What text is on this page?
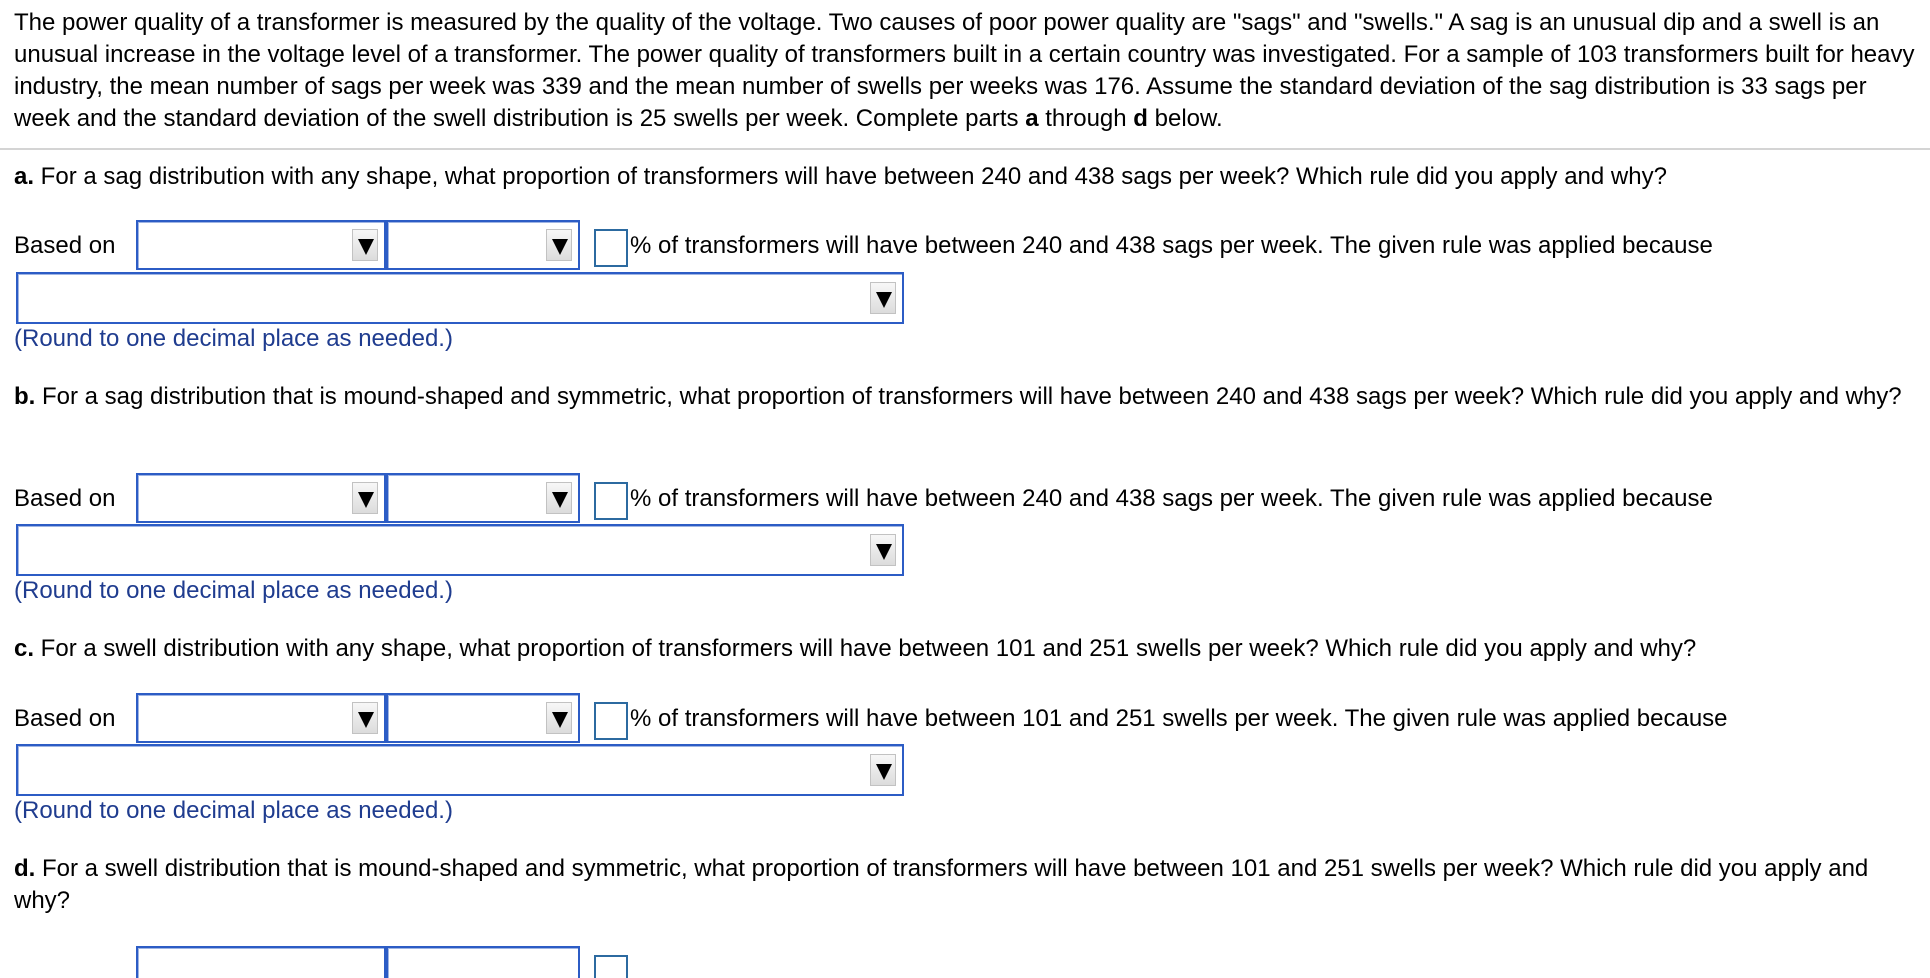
The power quality of a transformer is measured by the quality of the voltage. Two causes of poor power quality are "sags" and "swells." A sag is an unusual dip and a swell is an unusual increase in the voltage level of a transformer. The power quality of transformers built in a certain country was investigated. For a sample of 103 transformers built for heavy industry, the mean number of sags per week was 339 and the mean number of swells per weeks was 176. Assume the standard deviation of the sag distribution is 33 sags per week and the standard deviation of the swell distribution is 25 swells per week. Complete parts a through d below.

a. For a sag distribution with any shape, what proportion of transformers will have between 240 and 438 sags per week? Which rule did you apply and why?

Based on	% of transformers will have between 240 and 438 sags per week. The given rule was applied because
(Round to one decimal place as needed.)

b. For a sag distribution that is mound-shaped and symmetric, what proportion of transformers will have between 240 and 438 sags per week? Which rule did you apply and why?

Based on	% of transformers will have between 240 and 438 sags per week. The given rule was applied because
(Round to one decimal place as needed.)

c. For a swell distribution with any shape, what proportion of transformers will have between 101 and 251 swells per week? Which rule did you apply and why?

Based on	% of transformers will have between 101 and 251 swells per week. The given rule was applied because
(Round to one decimal place as needed.)

d. For a swell distribution that is mound-shaped and symmetric, what proportion of transformers will have between 101 and 251 swells per week? Which rule did you apply and why?
